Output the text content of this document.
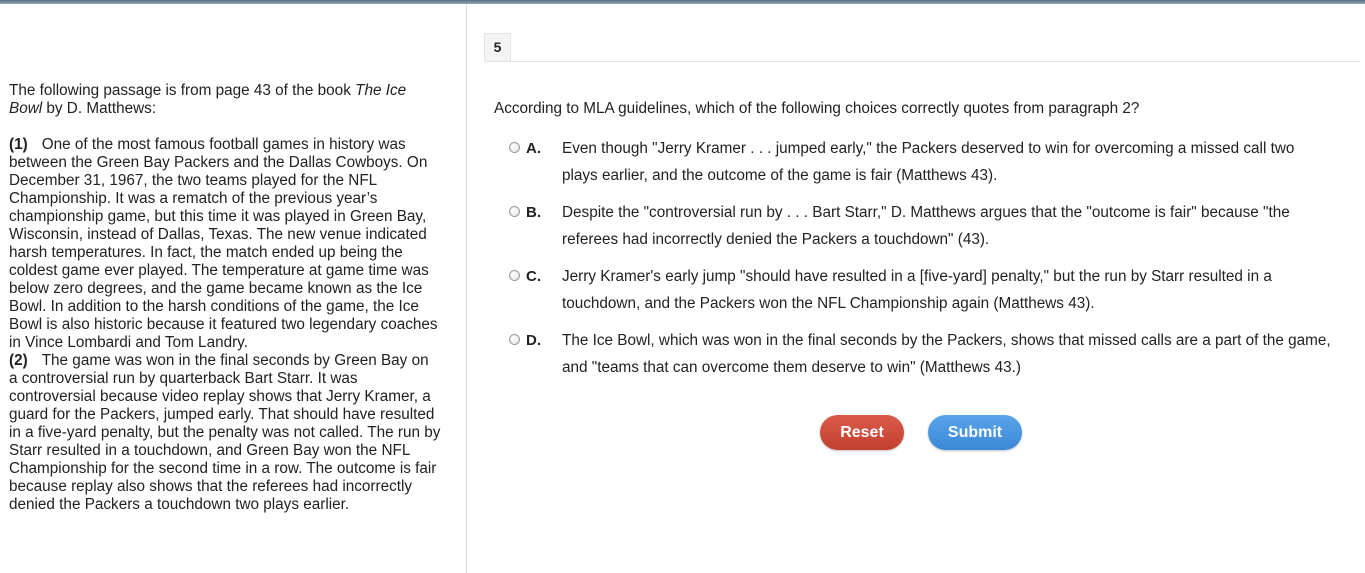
The following passage is from page 43 of the book The Ice Bowl by D. Matthews:

(1) One of the most famous football games in history was between the Green Bay Packers and the Dallas Cowboys. On December 31, 1967, the two teams played for the NFL Championship. It was a rematch of the previous year’s championship game, but this time it was played in Green Bay, Wisconsin, instead of Dallas, Texas. The new venue indicated harsh temperatures. In fact, the match ended up being the coldest game ever played. The temperature at game time was below zero degrees, and the game became known as the Ice Bowl. In addition to the harsh conditions of the game, the Ice Bowl is also historic because it featured two legendary coaches in Vince Lombardi and Tom Landry.

(2) The game was won in the final seconds by Green Bay on a controversial run by quarterback Bart Starr. It was controversial because video replay shows that Jerry Kramer, a guard for the Packers, jumped early. That should have resulted in a five-yard penalty, but the penalty was not called. The run by Starr resulted in a touchdown, and Green Bay won the NFL Championship for the second time in a row. The outcome is fair because replay also shows that the referees had incorrectly denied the Packers a touchdown two plays earlier.

5
According to MLA guidelines, which of the following choices correctly quotes from paragraph 2?
A. Even though "Jerry Kramer . . . jumped early," the Packers deserved to win for overcoming a missed call two plays earlier, and the outcome of the game is fair (Matthews 43).
B. Despite the "controversial run by . . . Bart Starr," D. Matthews argues that the "outcome is fair" because "the referees had incorrectly denied the Packers a touchdown" (43).
C. Jerry Kramer's early jump "should have resulted in a [five-yard] penalty," but the run by Starr resulted in a touchdown, and the Packers won the NFL Championship again (Matthews 43).
D. The Ice Bowl, which was won in the final seconds by the Packers, shows that missed calls are a part of the game, and "teams that can overcome them deserve to win" (Matthews 43.)
Reset	Submit
